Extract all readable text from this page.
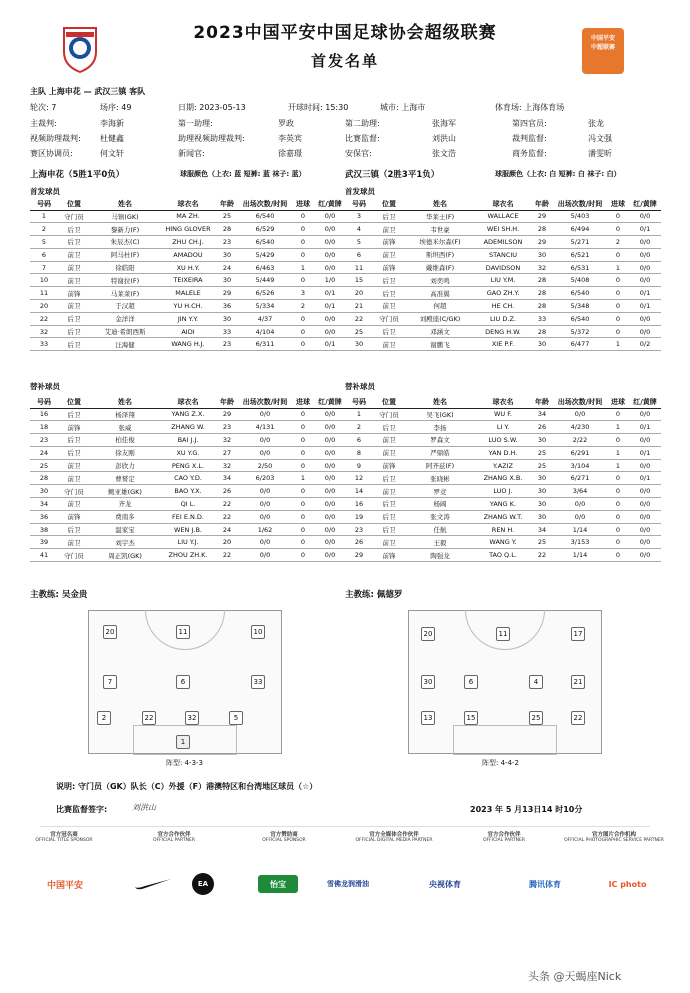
2023中国平安中国足球协会超级联赛
首发名单
中国平安
中超联赛
主队 上海申花 — 武汉三镇 客队
轮次: 7	场序: 49	日期: 2023-05-13	开球时间: 15:30	城市: 上海市	体育场: 上海体育场
主裁判:	李海新	第一助理:	罗政	第二助理:	张海军	第四官员:	张龙
视频助理裁判: 杜健鑫	助理视频助理裁判:	李英宾	比赛监督:	刘洪山	裁判监督:	冯文强
赛区协调员:	何文轩	新闻官:	徐嘉璟	安保官:	张文浩	商务监督:	潘雯昕
上海申花（5胜1平0负）	球服颜色（上衣: 蓝 短裤: 蓝 袜子: 蓝）	武汉三镇（2胜3平1负）	球服颜色（上衣: 白 短裤: 白 袜子: 白）
首发球员	首发球员
号码	位置	姓名	球衣名	年龄	出场次数/时间	进球	红/黄牌
1	守门员	马镇(GK)	MA ZH.	25	6/540	0	0/0
2	后卫	黎新力(F)	HING GLOVER	28	6/529	0	0/0
5	后卫	朱辰杰(C)	ZHU CH.J.	23	6/540	0	0/0
6	前卫	阿马杜(F)	AMADOU	30	5/429	0	0/0
7	前卫	徐皓阳	XU H.Y.	24	6/463	1	0/0
10	前卫	特谢拉(F)	TEIXEIRA	30	5/449	0	1/0
11	前锋	马莱莱(F)	MALELE	29	6/526	3	0/1
20	前卫	于汉超	YU H.CH.	36	5/334	2	0/1
22	后卫	金洋洋	JIN Y.Y.	30	4/37	0	0/0
32	后卫	艾迪·希朗西斯	AIDI	33	4/104	0	0/0
33	后卫	汪海健	WANG H.J.	23	6/311	0	0/1
号码	位置	姓名	球衣名	年龄	出场次数/时间	进球	红/黄牌
3	后卫	华莱士(F)	WALLACE	29	5/403	0	0/0
4	前卫	韦世豪	WEI SH.H.	28	6/494	0	0/1
5	前锋	埃德米尔森(F)	ADEMILSON	29	5/271	2	0/0
6	前卫	斯坦西(F)	STANCIU	30	6/521	0	0/0
11	前锋	戴维森(F)	DAVIDSON	32	6/531	1	0/0
15	后卫	刘奕鸣	LIU Y.M.	28	5/408	0	0/0
20	后卫	高准翼	GAO ZH.Y.	28	6/540	0	0/1
21	前卫	何超	HE CH.	28	5/348	0	0/1
22	守门员	刘殿座(C/GK)	LIU D.Z.	33	6/540	0	0/0
25	后卫	邓涵文	DENG H.W.	28	5/372	0	0/0
30	前卫	谢鹏飞	XIE P.F.	30	6/477	1	0/2
替补球员	替补球员
号码	位置	姓名	球衣名	年龄	出场次数/时间	进球	红/黄牌
16	后卫	杨泽翔	YANG Z.X.	29	0/0	0	0/0
18	前锋	张威	ZHANG W.	23	4/131	0	0/0
23	后卫	柏佳俊	BAI J.J.	32	0/0	0	0/0
24	后卫	徐友刚	XU Y.G.	27	0/0	0	0/0
25	前卫	彭欣力	PENG X.L.	32	2/50	0	0/0
28	前卫	曹赟定	CAO Y.D.	34	6/203	1	0/0
30	守门员	鲍亚雄(GK)	BAO Y.X.	26	0/0	0	0/0
34	前卫	齐龙	QI L.	22	0/0	0	0/0
36	前锋	费南多	FEI E.N.D.	22	0/0	0	0/0
38	后卫	温家宝	WEN J.B.	24	1/62	0	0/0
39	前卫	刘宇杰	LIU Y.J.	20	0/0	0	0/0
41	守门员	周正凯(GK)	ZHOU ZH.K.	22	0/0	0	0/0
号码	位置	姓名	球衣名	年龄	出场次数/时间	进球	红/黄牌
1	守门员	吴飞(GK)	WU F.	34	0/0	0	0/0
2	后卫	李扬	LI Y.	26	4/230	1	0/1
6	前卫	罗森文	LUO S.W.	30	2/22	0	0/0
8	前卫	严鼎皓	YAN D.H.	25	6/291	1	0/1
9	前锋	阿齐兹(F)	Y.AZIZ	25	3/104	1	0/0
12	后卫	张晓彬	ZHANG X.B.	30	6/271	0	0/1
14	前卫	罗竞	LUO J.	30	3/64	0	0/0
16	后卫	杨阔	YANG K.	30	0/0	0	0/0
19	后卫	张文涛	ZHANG W.T.	30	0/0	0	0/0
23	后卫	任航	REN H.	34	1/14	0	0/0
26	前卫	王毅	WANG Y.	25	3/153	0	0/0
29	前锋	陶强龙	TAO Q.L.	22	1/14	0	0/0
主教练: 吴金贵	主教练: 佩德罗
20	11	10
7	6	33
2	22	32	5
1
20	11	17
30	6	4	21
13	15	25	22
阵型: 4-3-3	阵型: 4-4-2
说明: 守门员（GK）队长（C）外援（F）港澳特区和台湾地区球员（☆）
比赛监督签字:	刘洪山	2023 年 5 月13日14 时10分
官方冠名商
OFFICIAL TITLE SPONSOR
官方合作伙伴
OFFICIAL PARTNER
官方赞助商
OFFICIAL SPONSOR
官方全媒体合作伙伴
OFFICIAL DIGITAL MEDIA PARTNER
官方合作伙伴
OFFICIAL PARTNER
官方图片合作机构
OFFICIAL PHOTOGRAPHIC SERVICE PARTNER
中国平安	EA	怡宝	雪佛龙润滑油	央视体育	腾讯体育	IC photo
头条 @天蝎座Nick
